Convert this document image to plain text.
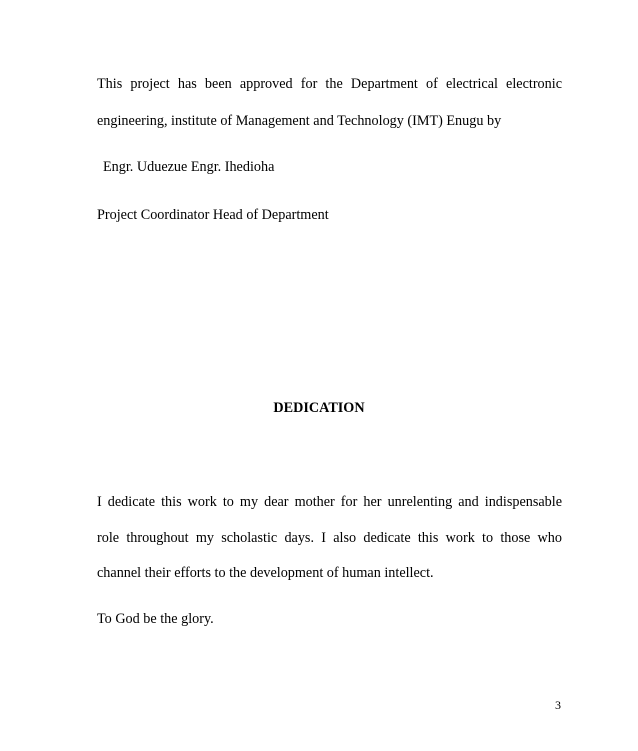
This project has been approved for the Department of electrical electronic
engineering, institute of Management and Technology (IMT) Enugu by
Engr. Uduezue Engr. Ihedioha
Project Coordinator Head of Department
DEDICATION
I dedicate this work to my dear mother for her unrelenting and indispensable
role throughout my scholastic days. I also dedicate this work to those who
channel their efforts to the development of human intellect.
To God be the glory.
3
